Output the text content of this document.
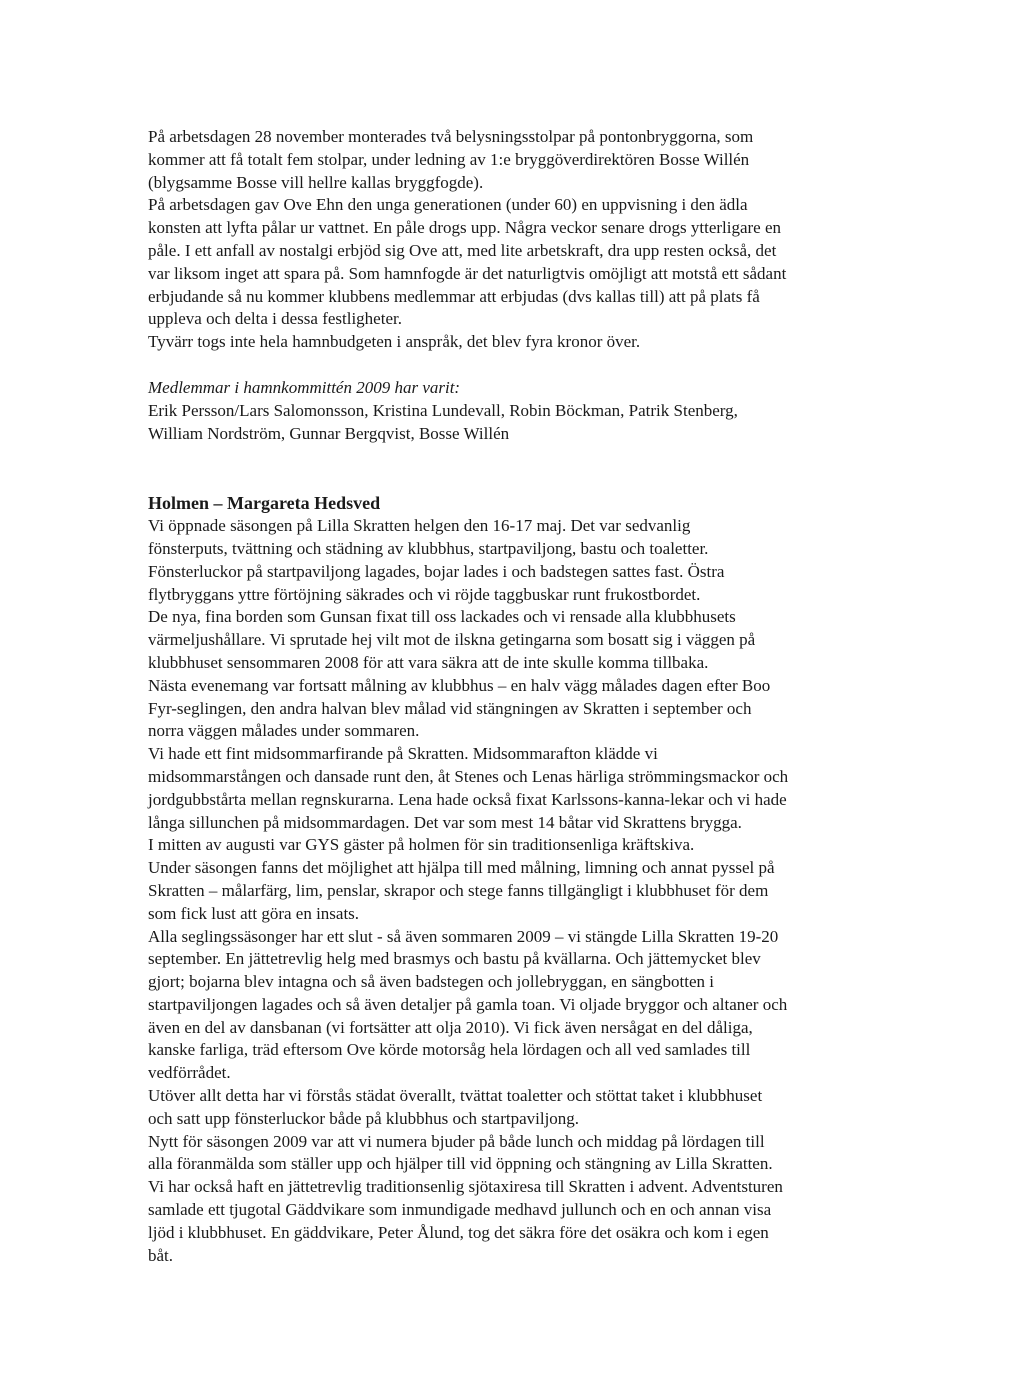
På arbetsdagen 28 november monterades två belysningsstolpar på pontonbryggorna, som
kommer att få totalt fem stolpar, under ledning av 1:e bryggöverdirektören Bosse Willén
(blygsamme Bosse vill hellre kallas bryggfogde).

På arbetsdagen gav Ove Ehn den unga generationen (under 60) en uppvisning i den ädla
konsten att lyfta pålar ur vattnet. En påle drogs upp. Några veckor senare drogs ytterligare en
påle. I ett anfall av nostalgi erbjöd sig Ove att, med lite arbetskraft, dra upp resten också, det
var liksom inget att spara på. Som hamnfogde är det naturligtvis omöjligt att motstå ett sådant
erbjudande så nu kommer klubbens medlemmar att erbjudas (dvs kallas till) att på plats få
uppleva och delta i dessa festligheter.

Tyvärr togs inte hela hamnbudgeten i anspråk, det blev fyra kronor över.

Medlemmar i hamnkommittén 2009 har varit:

Erik Persson/Lars Salomonsson, Kristina Lundevall, Robin Böckman, Patrik Stenberg,
William Nordström, Gunnar Bergqvist, Bosse Willén

Holmen – Margareta Hedsved

Vi öppnade säsongen på Lilla Skratten helgen den 16-17 maj. Det var sedvanlig
fönsterputs, tvättning och städning av klubbhus, startpaviljong, bastu och toaletter.
Fönsterluckor på startpaviljong lagades, bojar lades i och badstegen sattes fast. Östra
flytbryggans yttre förtöjning säkrades och vi röjde taggbuskar runt frukostbordet.

De nya, fina borden som Gunsan fixat till oss lackades och vi rensade alla klubbhusets
värmeljushållare. Vi sprutade hej vilt mot de ilskna getingarna som bosatt sig i väggen på
klubbhuset sensommaren 2008 för att vara säkra att de inte skulle komma tillbaka.

Nästa evenemang var fortsatt målning av klubbhus – en halv vägg målades dagen efter Boo
Fyr-seglingen, den andra halvan blev målad vid stängningen av Skratten i september och
norra väggen målades under sommaren.

Vi hade ett fint midsommarfirande på Skratten. Midsommarafton klädde vi
midsommarstången och dansade runt den, åt Stenes och Lenas härliga strömmingsmackor och
jordgubbstårta mellan regnskurarna. Lena hade också fixat Karlssons-kanna-lekar och vi hade
långa sillunchen på midsommardagen. Det var som mest 14 båtar vid Skrattens brygga.

I mitten av augusti var GYS gäster på holmen för sin traditionsenliga kräftskiva.

Under säsongen fanns det möjlighet att hjälpa till med målning, limning och annat pyssel på
Skratten – målarfärg, lim, penslar, skrapor och stege fanns tillgängligt i klubbhuset för dem
som fick lust att göra en insats.

Alla seglingssäsonger har ett slut - så även sommaren 2009 – vi stängde Lilla Skratten 19-20
september. En jättetrevlig helg med brasmys och bastu på kvällarna. Och jättemycket blev
gjort; bojarna blev intagna och så även badstegen och jollebryggan, en sängbotten i
startpaviljongen lagades och så även detaljer på gamla toan. Vi oljade bryggor och altaner och
även en del av dansbanan (vi fortsätter att olja 2010). Vi fick även nersågat en del dåliga,
kanske farliga, träd eftersom Ove körde motorsåg hela lördagen och all ved samlades till
vedförrådet.

Utöver allt detta har vi förstås städat överallt, tvättat toaletter och stöttat taket i klubbhuset
och satt upp fönsterluckor både på klubbhus och startpaviljong.

Nytt för säsongen 2009 var att vi numera bjuder på både lunch och middag på lördagen till
alla föranmälda som ställer upp och hjälper till vid öppning och stängning av Lilla Skratten.

Vi har också haft en jättetrevlig traditionsenlig sjötaxiresa till Skratten i advent. Adventsturen
samlade ett tjugotal Gäddvikare som inmundigade medhavd jullunch och en och annan visa
ljöd i klubbhuset. En gäddvikare, Peter Ålund, tog det säkra före det osäkra och kom i egen
båt.
